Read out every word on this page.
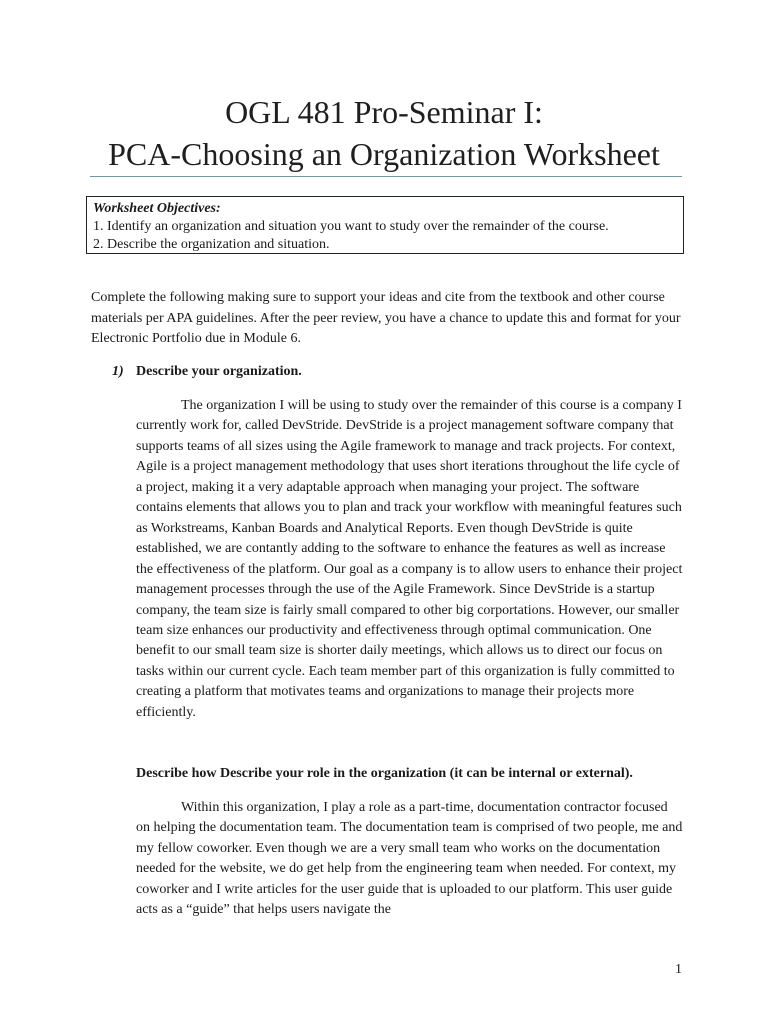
OGL 481 Pro-Seminar I:
PCA-Choosing an Organization Worksheet
Worksheet Objectives:
1. Identify an organization and situation you want to study over the remainder of the course.
2. Describe the organization and situation.
Complete the following making sure to support your ideas and cite from the textbook and other course materials per APA guidelines. After the peer review, you have a chance to update this and format for your Electronic Portfolio due in Module 6.
1) Describe your organization.
The organization I will be using to study over the remainder of this course is a company I currently work for, called DevStride. DevStride is a project management software company that supports teams of all sizes using the Agile framework to manage and track projects. For context, Agile is a project management methodology that uses short iterations throughout the life cycle of a project, making it a very adaptable approach when managing your project. The software contains elements that allows you to plan and track your workflow with meaningful features such as Workstreams, Kanban Boards and Analytical Reports. Even though DevStride is quite established, we are contantly adding to the software to enhance the features as well as increase the effectiveness of the platform. Our goal as a company is to allow users to enhance their project management processes through the use of the Agile Framework. Since DevStride is a startup company, the team size is fairly small compared to other big corportations. However, our smaller team size enhances our productivity and effectiveness through optimal communication. One benefit to our small team size is shorter daily meetings, which allows us to direct our focus on tasks within our current cycle. Each team member part of this organization is fully committed to creating a platform that motivates teams and organizations to manage their projects more efficiently.
Describe how Describe your role in the organization (it can be internal or external).
Within this organization, I play a role as a part-time, documentation contractor focused on helping the documentation team. The documentation team is comprised of two people, me and my fellow coworker. Even though we are a very small team who works on the documentation needed for the website, we do get help from the engineering team when needed. For context, my coworker and I write articles for the user guide that is uploaded to our platform. This user guide acts as a “guide” that helps users navigate the
1
